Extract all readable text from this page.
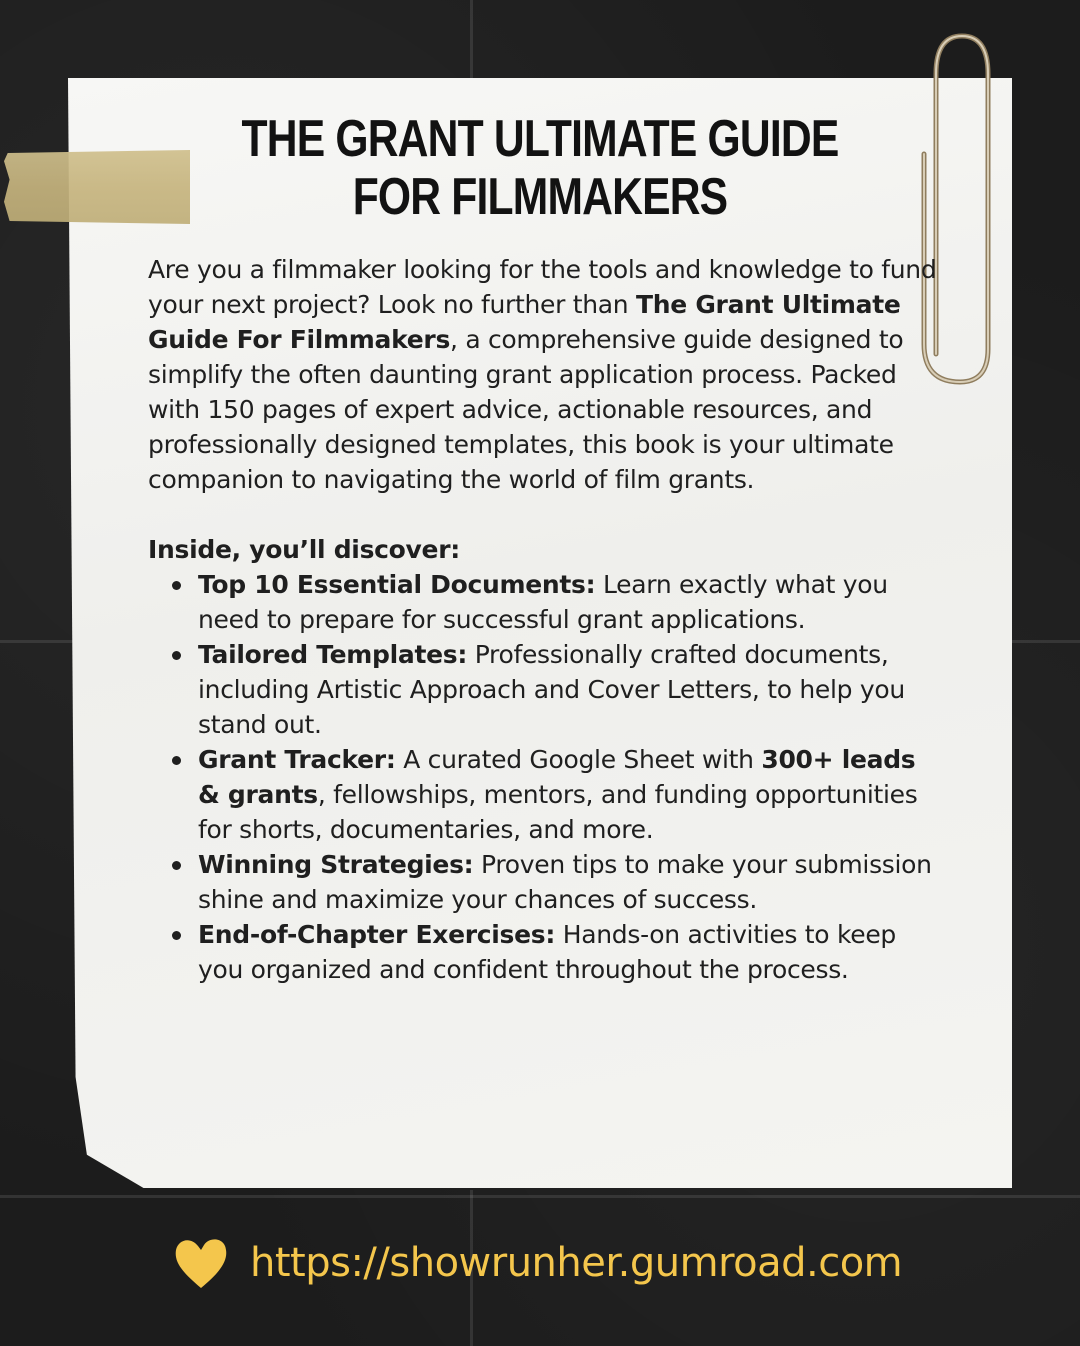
THE GRANT ULTIMATE GUIDE
FOR FILMMAKERS

Are you a filmmaker looking for the tools and knowledge to fund your next project? Look no further than The Grant Ultimate Guide For Filmmakers, a comprehensive guide designed to simplify the often daunting grant application process. Packed with 150 pages of expert advice, actionable resources, and professionally designed templates, this book is your ultimate companion to navigating the world of film grants.

Inside, you’ll discover:

Top 10 Essential Documents: Learn exactly what you need to prepare for successful grant applications.
Tailored Templates: Professionally crafted documents, including Artistic Approach and Cover Letters, to help you stand out.
Grant Tracker: A curated Google Sheet with 300+ leads & grants, fellowships, mentors, and funding opportunities for shorts, documentaries, and more.
Winning Strategies: Proven tips to make your submission shine and maximize your chances of success.
End-of-Chapter Exercises: Hands-on activities to keep you organized and confident throughout the process.
https://showrunher.gumroad.com
